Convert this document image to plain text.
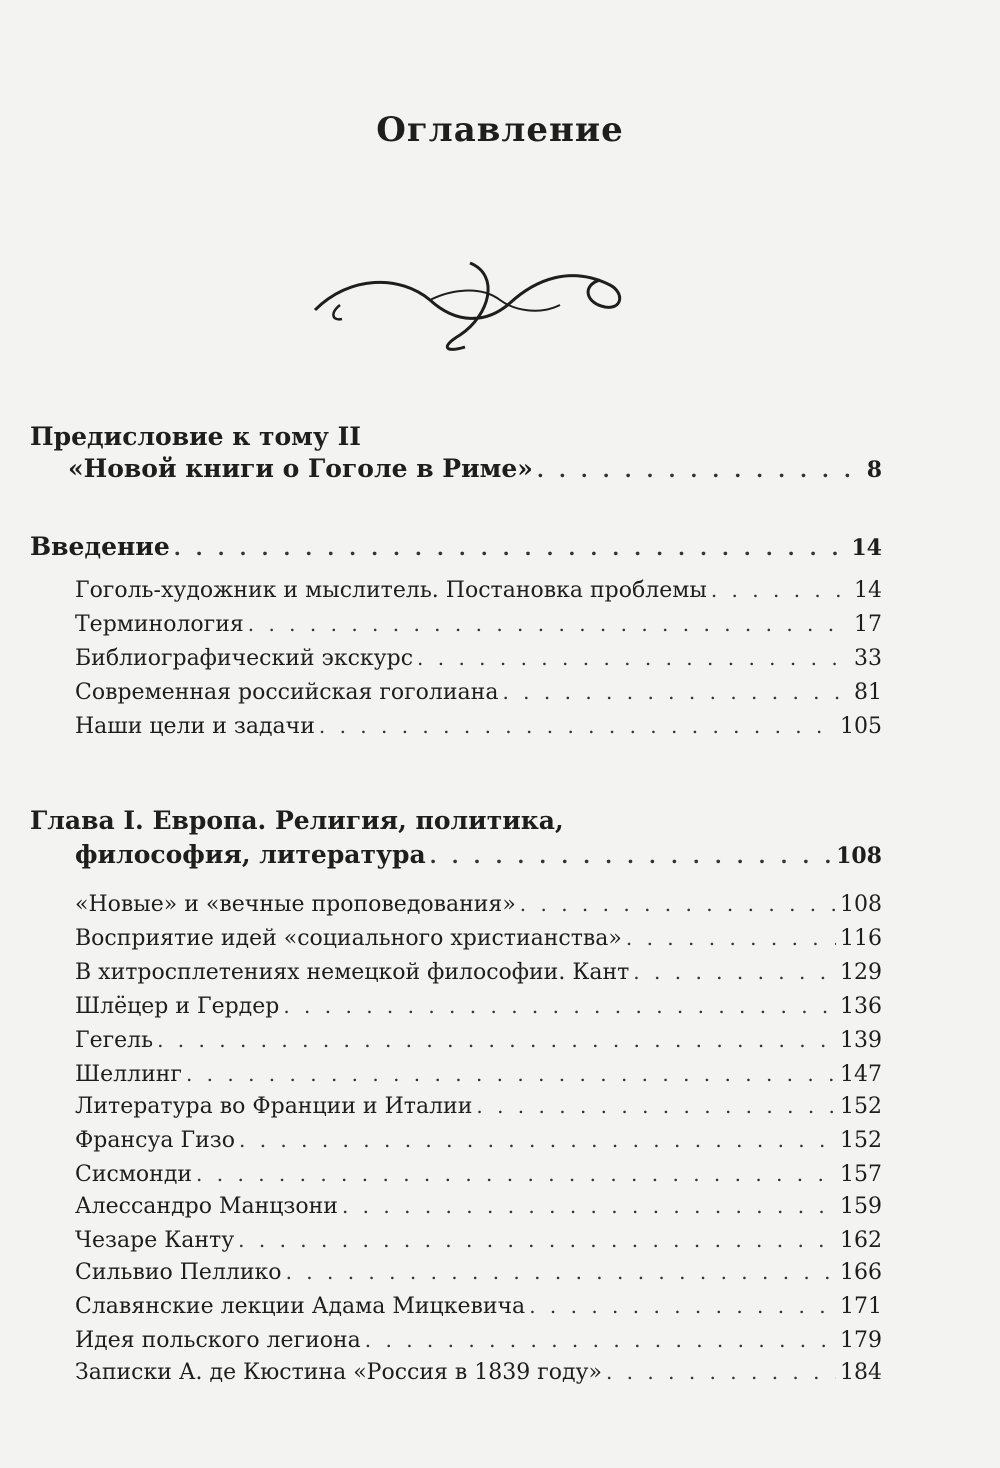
Оглавление
Предисловие к тому II
«Новой книги о Гоголе в Риме» . . .	8
Введение . . .	14
Гоголь-художник и мыслитель. Постановка проблемы . . .	14
Терминология . . .	17
Библиографический экскурс . . .	33
Современная российская гоголиана . . .	81
Наши цели и задачи . . .	105
Глава I. Европа. Религия, политика,
философия, литература . . .	108
«Новые» и «вечные проповедования» . . .	108
Восприятие идей «социального христианства» . . .	116
В хитросплетениях немецкой философии. Кант . . .	129
Шлёцер и Гердер . . .	136
Гегель . . .	139
Шеллинг . . .	147
Литература во Франции и Италии . . .	152
Франсуа Гизо . . .	152
Сисмонди . . .	157
Алессандро Манцзони . . .	159
Чезаре Канту . . .	162
Сильвио Пеллико . . .	166
Славянские лекции Адама Мицкевича . . .	171
Идея польского легиона . . .	179
Записки А. де Кюстина «Россия в 1839 году» . . .	184
